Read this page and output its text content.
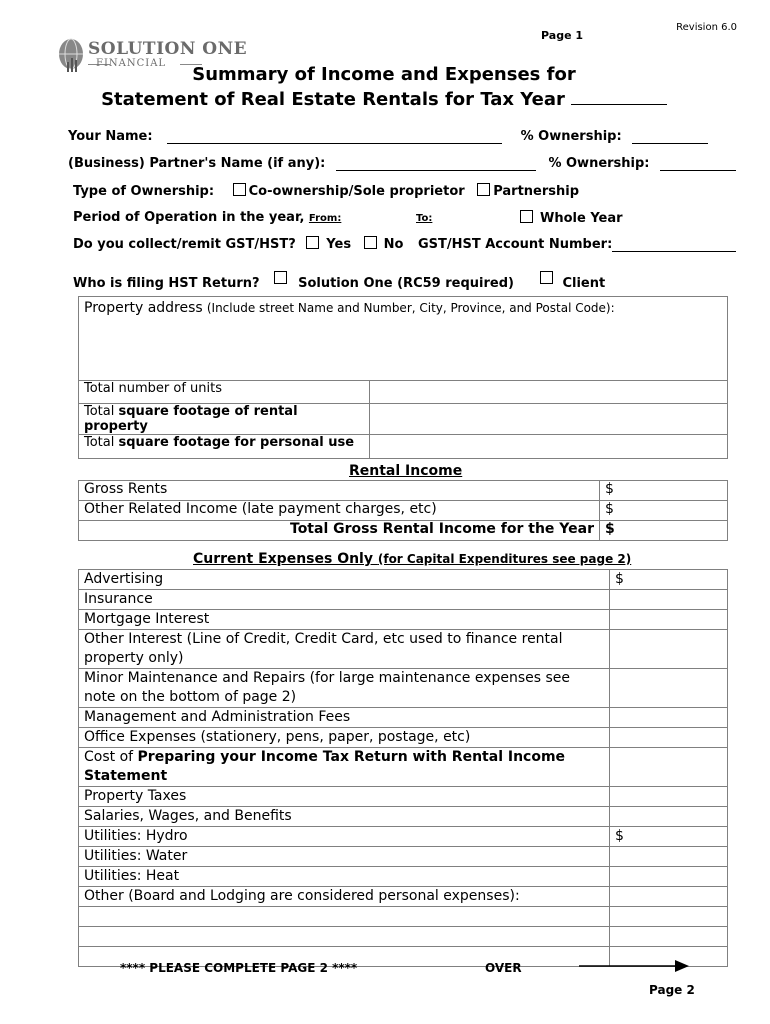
Revision 6.0
Page 1
SOLUTION ONE
FINANCIAL
Summary of Income and Expenses for
Statement of Real Estate Rentals for Tax Year
Your Name:	% Ownership:
(Business) Partner's Name (if any):	% Ownership:
Type of Ownership:	Co-ownership/Sole proprietor Partnership
Period of Operation in the year, From:	To:	Whole Year
Do you collect/remit GST/HST? Yes	No GST/HST Account Number:
Who is filing HST Return?	Solution One (RC59 required)	Client
Property address (Include street Name and Number, City, Province, and Postal Code):	
Total number of units	
Total square footage of rental property	
Total square footage for personal use	
Rental Income
Gross Rents	$
Other Related Income (late payment charges, etc)	$
Total Gross Rental Income for the Year	$
Current Expenses Only (for Capital Expenditures see page 2)
Advertising	$
Insurance	
Mortgage Interest	
Other Interest (Line of Credit, Credit Card, etc used to finance rental property only)	
Minor Maintenance and Repairs (for large maintenance expenses see note on the bottom of page 2)	
Management and Administration Fees	
Office Expenses (stationery, pens, paper, postage, etc)	
Cost of Preparing your Income Tax Return with Rental Income Statement	
Property Taxes	
Salaries, Wages, and Benefits	
Utilities: Hydro	$
Utilities: Water	
Utilities: Heat	
Other (Board and Lodging are considered personal expenses):	

**** PLEASE COMPLETE PAGE 2 ****	OVER
Page 2
